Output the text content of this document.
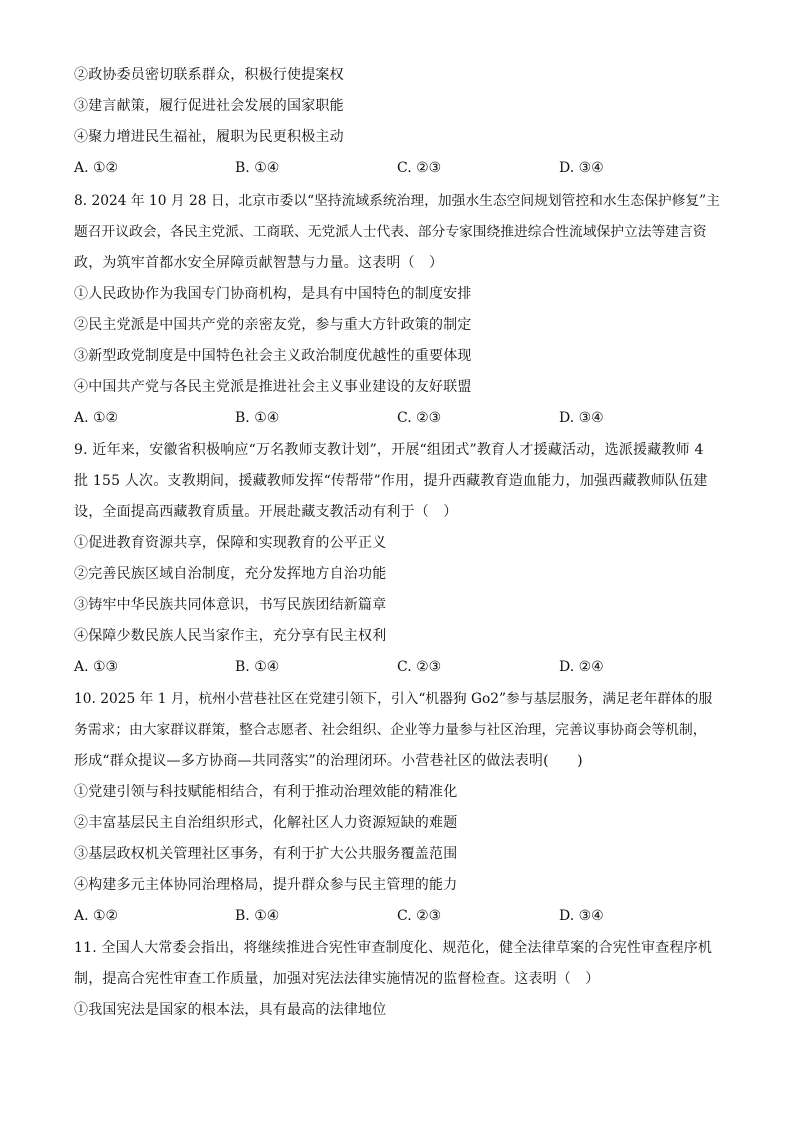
②政协委员密切联系群众，积极行使提案权
③建言献策，履行促进社会发展的国家职能
④聚力增进民生福祉，履职为民更积极主动
A. ①②	B. ①④	C. ②③	D. ③④
8. 2024 年 10 月 28 日，北京市委以“坚持流域系统治理，加强水生态空间规划管控和水生态保护修复”主
题召开议政会，各民主党派、工商联、无党派人士代表、部分专家围绕推进综合性流域保护立法等建言资
政，为筑牢首都水安全屏障贡献智慧与力量。这表明（　）
①人民政协作为我国专门协商机构，是具有中国特色的制度安排
②民主党派是中国共产党的亲密友党，参与重大方针政策的制定
③新型政党制度是中国特色社会主义政治制度优越性的重要体现
④中国共产党与各民主党派是推进社会主义事业建设的友好联盟
A. ①②	B. ①④	C. ②③	D. ③④
9. 近年来，安徽省积极响应“万名教师支教计划”，开展“组团式”教育人才援藏活动，选派援藏教师 4
批 155 人次。支教期间，援藏教师发挥“传帮带”作用，提升西藏教育造血能力，加强西藏教师队伍建
设，全面提高西藏教育质量。开展赴藏支教活动有利于（　）
①促进教育资源共享，保障和实现教育的公平正义
②完善民族区域自治制度，充分发挥地方自治功能
③铸牢中华民族共同体意识，书写民族团结新篇章
④保障少数民族人民当家作主，充分享有民主权利
A. ①③	B. ①④	C. ②③	D. ②④
10. 2025 年 1 月，杭州小营巷社区在党建引领下，引入“机器狗 Go2”参与基层服务，满足老年群体的服
务需求；由大家群议群策，整合志愿者、社会组织、企业等力量参与社区治理，完善议事协商会等机制，
形成“群众提议—多方协商—共同落实”的治理闭环。小营巷社区的做法表明(　　)
①党建引领与科技赋能相结合，有利于推动治理效能的精准化
②丰富基层民主自治组织形式，化解社区人力资源短缺的难题
③基层政权机关管理社区事务，有利于扩大公共服务覆盖范围
④构建多元主体协同治理格局，提升群众参与民主管理的能力
A. ①②	B. ①④	C. ②③	D. ③④
11. 全国人大常委会指出，将继续推进合宪性审查制度化、规范化，健全法律草案的合宪性审查程序机
制，提高合宪性审查工作质量，加强对宪法法律实施情况的监督检查。这表明（　）
①我国宪法是国家的根本法，具有最高的法律地位
